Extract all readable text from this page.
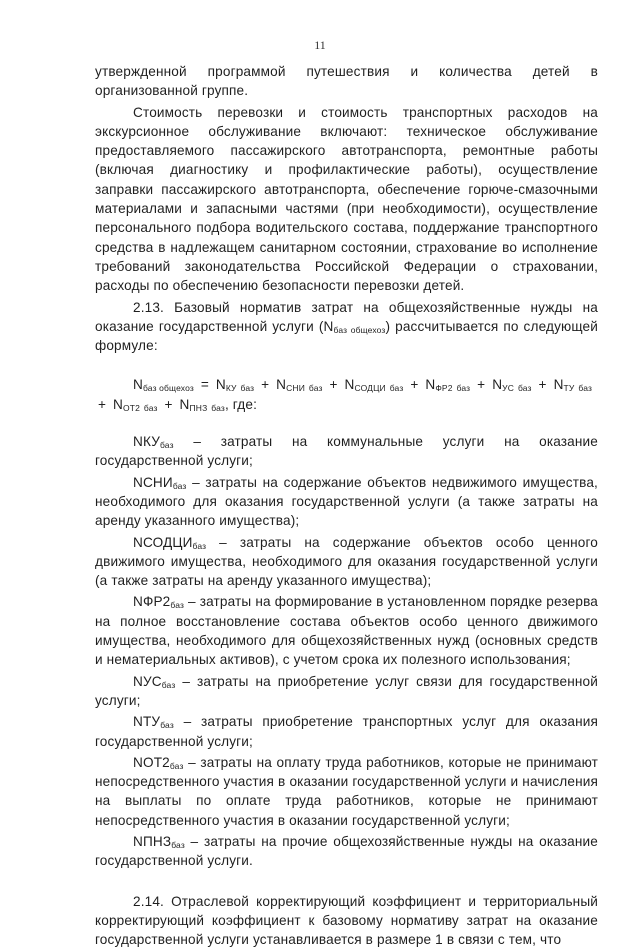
11

утвержденной программой путешествия и количества детей в организованной группе.

Стоимость перевозки и стоимость транспортных расходов на экскурсионное обслуживание включают: техническое обслуживание предоставляемого пассажирского автотранспорта, ремонтные работы (включая диагностику и профилактические работы), осуществление заправки пассажирского автотранспорта, обеспечение горюче-смазочными материалами и запасными частями (при необходимости), осуществление персонального подбора водительского состава, поддержание транспортного средства в надлежащем санитарном состоянии, страхование во исполнение требований законодательства Российской Федерации о страховании, расходы по обеспечению безопасности перевозки детей.

2.13. Базовый норматив затрат на общехозяйственные нужды на оказание государственной услуги $(N_{баз общехоз})$ рассчитывается по следующей формуле:

$N_{баз общехоз} = N_{КУ}$ $_{баз} + N_{СНИ}$ $_{баз} + N_{СОДЦИ}$ $_{баз} + N_{ФР2}$ $_{баз} + N_{УС}$ $_{баз} + N_{ТУ}$ $_{баз} + N_{ОТ2}$ $_{баз} + N_{ПНЗ}$ $_{баз}$, где:

$NКУ_{баз}$ – затраты на коммунальные услуги на оказание государственной услуги;

$NСНИ_{баз}$ – затраты на содержание объектов недвижимого имущества, необходимого для оказания государственной услуги (а также затраты на аренду указанного имущества);

$NСОДЦИ_{баз}$ – затраты на содержание объектов особо ценного движимого имущества, необходимого для оказания государственной услуги (а также затраты на аренду указанного имущества);

$NФР2_{баз}$ – затраты на формирование в установленном порядке резерва на полное восстановление состава объектов особо ценного движимого имущества, необходимого для общехозяйственных нужд (основных средств и нематериальных активов), с учетом срока их полезного использования;

$NУС_{баз}$ – затраты на приобретение услуг связи для государственной услуги;

$NТУ_{баз}$ – затраты приобретение транспортных услуг для оказания государственной услуги;

$NОТ2_{баз}$ – затраты на оплату труда работников, которые не принимают непосредственного участия в оказании государственной услуги и начисления на выплаты по оплате труда работников, которые не принимают непосредственного участия в оказании государственной услуги;

$NПНЗ_{баз}$ – затраты на прочие общехозяйственные нужды на оказание государственной услуги.

2.14. Отраслевой корректирующий коэффициент и территориальный корректирующий коэффициент к базовому нормативу затрат на оказание государственной услуги устанавливается в размере 1 в связи с тем, что
